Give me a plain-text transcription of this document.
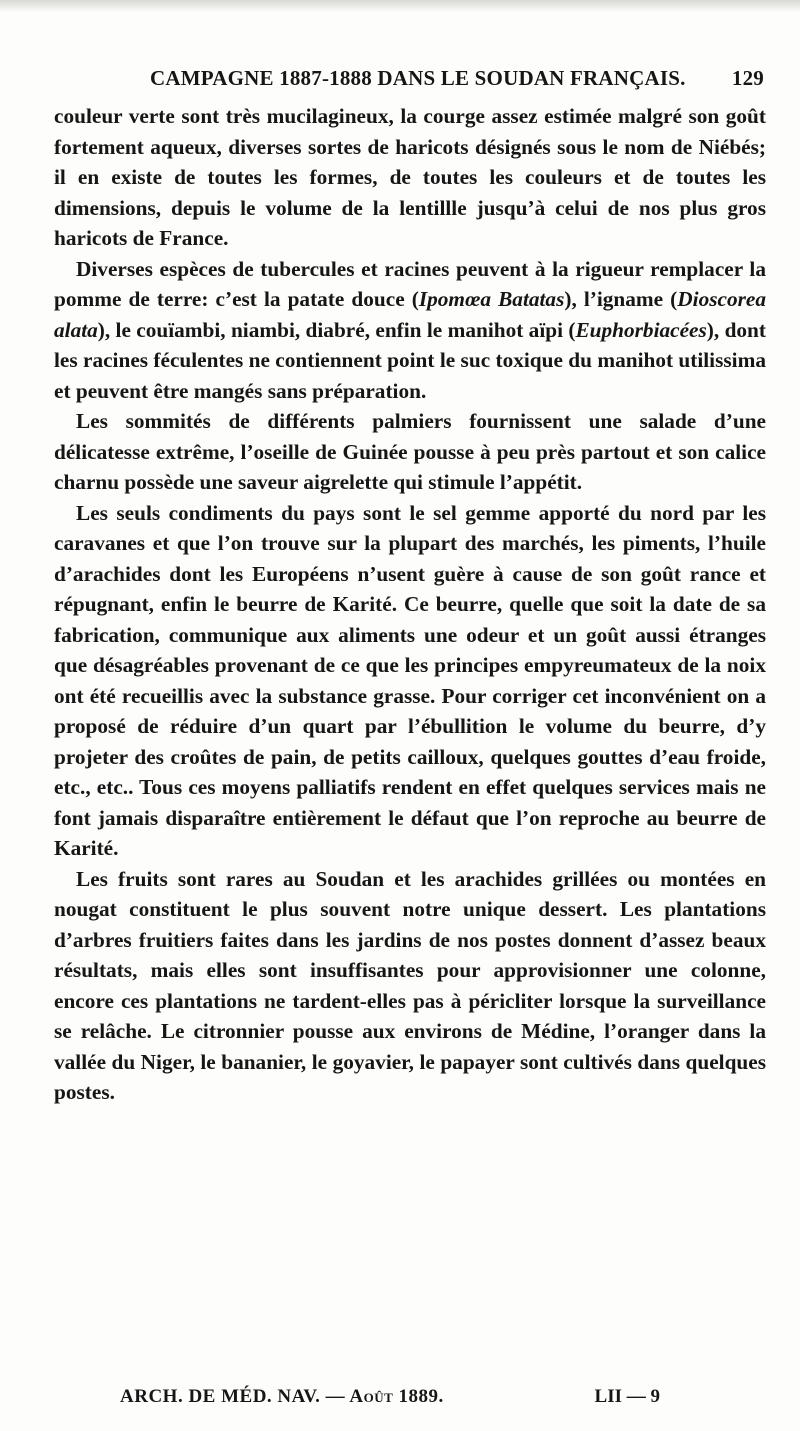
CAMPAGNE 1887-1888 DANS LE SOUDAN FRANÇAIS. 129

couleur verte sont très mucilagineux, la courge assez estimée malgré son goût fortement aqueux, diverses sortes de haricots désignés sous le nom de Niébés; il en existe de toutes les formes, de toutes les couleurs et de toutes les dimensions, depuis le volume de la lentillle jusqu’à celui de nos plus gros haricots de France.

Diverses espèces de tubercules et racines peuvent à la rigueur remplacer la pomme de terre: c’est la patate douce (Ipomœa Batatas), l’igname (Dioscorea alata), le couïambi, niambi, diabré, enfin le manihot aïpi (Euphorbiacées), dont les racines féculentes ne contiennent point le suc toxique du manihot utilissima et peuvent être mangés sans préparation.

Les sommités de différents palmiers fournissent une salade d’une délicatesse extrême, l’oseille de Guinée pousse à peu près partout et son calice charnu possède une saveur aigrelette qui stimule l’appétit.

Les seuls condiments du pays sont le sel gemme apporté du nord par les caravanes et que l’on trouve sur la plupart des marchés, les piments, l’huile d’arachides dont les Européens n’usent guère à cause de son goût rance et répugnant, enfin le beurre de Karité. Ce beurre, quelle que soit la date de sa fabrication, communique aux aliments une odeur et un goût aussi étranges que désagréables provenant de ce que les principes empyreumateux de la noix ont été recueillis avec la substance grasse. Pour corriger cet inconvénient on a proposé de réduire d’un quart par l’ébullition le volume du beurre, d’y projeter des croûtes de pain, de petits cailloux, quelques gouttes d’eau froide, etc., etc.. Tous ces moyens palliatifs rendent en effet quelques services mais ne font jamais disparaître entièrement le défaut que l’on reproche au beurre de Karité.

Les fruits sont rares au Soudan et les arachides grillées ou montées en nougat constituent le plus souvent notre unique dessert. Les plantations d’arbres fruitiers faites dans les jardins de nos postes donnent d’assez beaux résultats, mais elles sont insuffisantes pour approvisionner une colonne, encore ces plantations ne tardent-elles pas à péricliter lorsque la surveillance se relâche. Le citronnier pousse aux environs de Médine, l’oranger dans la vallée du Niger, le bananier, le goyavier, le papayer sont cultivés dans quelques postes.

ARCH. DE MÉD. NAV. — Août 1889.	LII — 9
